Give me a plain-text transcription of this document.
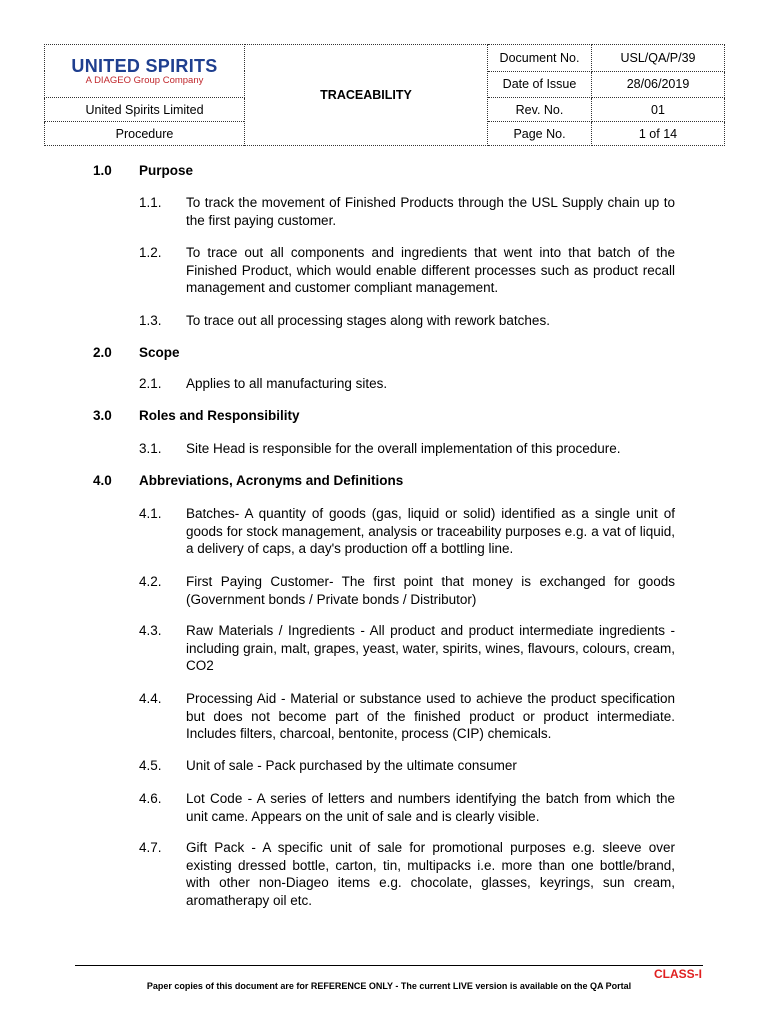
UNITED SPIRITS
A DIAGEO Group Company	TRACEABILITY	Document No.	USL/QA/P/39
		Date of Issue	28/06/2019
United Spirits Limited		Rev. No.	01
Procedure		Page No.	1 of 14
1.0 Purpose
1.1. To track the movement of Finished Products through the USL Supply chain up to the first paying customer.
1.2. To trace out all components and ingredients that went into that batch of the Finished Product, which would enable different processes such as product recall management and customer compliant management.
1.3. To trace out all processing stages along with rework batches.
2.0 Scope
2.1. Applies to all manufacturing sites.
3.0 Roles and Responsibility
3.1. Site Head is responsible for the overall implementation of this procedure.
4.0 Abbreviations, Acronyms and Definitions
4.1. Batches- A quantity of goods (gas, liquid or solid) identified as a single unit of goods for stock management, analysis or traceability purposes e.g. a vat of liquid, a delivery of caps, a day's production off a bottling line.
4.2. First Paying Customer- The first point that money is exchanged for goods (Government bonds / Private bonds / Distributor)
4.3. Raw Materials / Ingredients - All product and product intermediate ingredients - including grain, malt, grapes, yeast, water, spirits, wines, flavours, colours, cream, CO2
4.4. Processing Aid - Material or substance used to achieve the product specification but does not become part of the finished product or product intermediate. Includes filters, charcoal, bentonite, process (CIP) chemicals.
4.5. Unit of sale - Pack purchased by the ultimate consumer
4.6. Lot Code - A series of letters and numbers identifying the batch from which the unit came. Appears on the unit of sale and is clearly visible.
4.7. Gift Pack - A specific unit of sale for promotional purposes e.g. sleeve over existing dressed bottle, carton, tin, multipacks i.e. more than one bottle/brand, with other non-Diageo items e.g. chocolate, glasses, keyrings, sun cream, aromatherapy oil etc.
CLASS-I
Paper copies of this document are for REFERENCE ONLY - The current LIVE version is available on the QA Portal
